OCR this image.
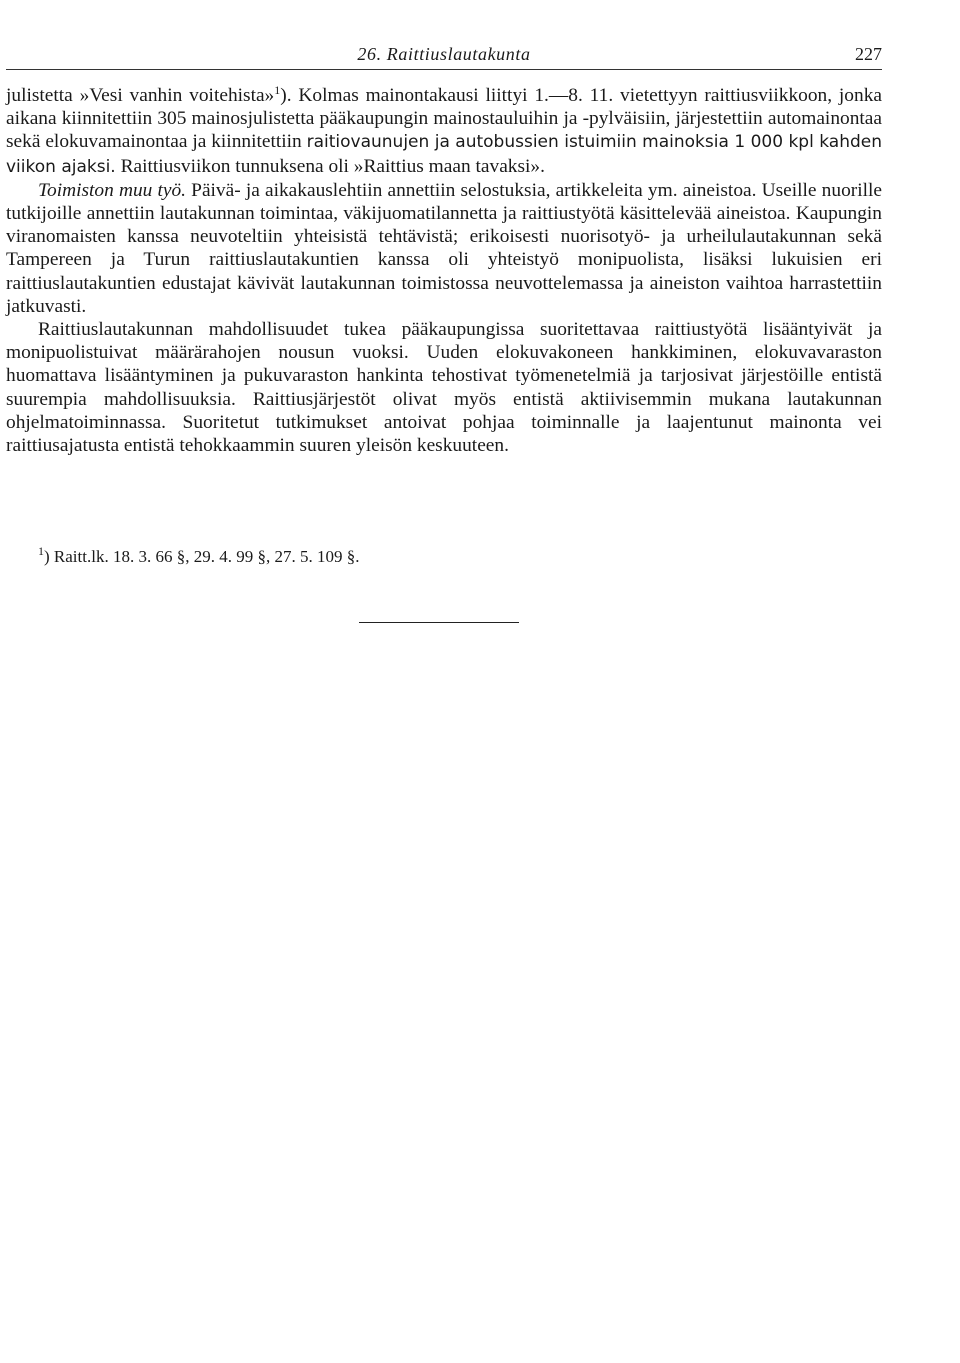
26. Raittiuslautakunta	227

julistetta »Vesi vanhin voitehista»$^1$). Kolmas mainontakausi liittyi 1.—8. 11. vietettyyn raittiusviikkoon, jonka aikana kiinnitettiin 305 mainosjulistetta pääkaupungin mainostauluihin ja -pylväisiin, järjestettiin automainontaa sekä elokuvamainontaa ja kiinnitettiin raitiovaunujen ja autobussien istuimiin mainoksia 1 000 kpl kahden viikon ajaksi. Raittiusviikon tunnuksena oli »Raittius maan tavaksi».

Toimiston muu työ. Päivä- ja aikakauslehtiin annettiin selostuksia, artikkeleita ym. aineistoa. Useille nuorille tutkijoille annettiin lautakunnan toimintaa, väkijuomatilannetta ja raittiustyötä käsittelevää aineistoa. Kaupungin viranomaisten kanssa neuvoteltiin yhteisistä tehtävistä; erikoisesti nuorisotyö- ja urheilulautakunnan sekä Tampereen ja Turun raittiuslautakuntien kanssa oli yhteistyö monipuolista, lisäksi lukuisien eri raittiuslautakuntien edustajat kävivät lautakunnan toimistossa neuvottelemassa ja aineiston vaihtoa harrastettiin jatkuvasti.

Raittiuslautakunnan mahdollisuudet tukea pääkaupungissa suoritettavaa raittiustyötä lisääntyivät ja monipuolistuivat määrärahojen nousun vuoksi. Uuden elokuvakoneen hankkiminen, elokuvavaraston huomattava lisääntyminen ja pukuvaraston hankinta tehostivat työmenetelmiä ja tarjosivat järjestöille entistä suurempia mahdollisuuksia. Raittiusjärjestöt olivat myös entistä aktiivisemmin mukana lautakunnan ohjelmatoiminnassa. Suoritetut tutkimukset antoivat pohjaa toiminnalle ja laajentunut mainonta vei raittiusajatusta entistä tehokkaammin suuren yleisön keskuuteen.

$^1$) Raitt.lk. 18. 3. 66 §, 29. 4. 99 §, 27. 5. 109 §.
